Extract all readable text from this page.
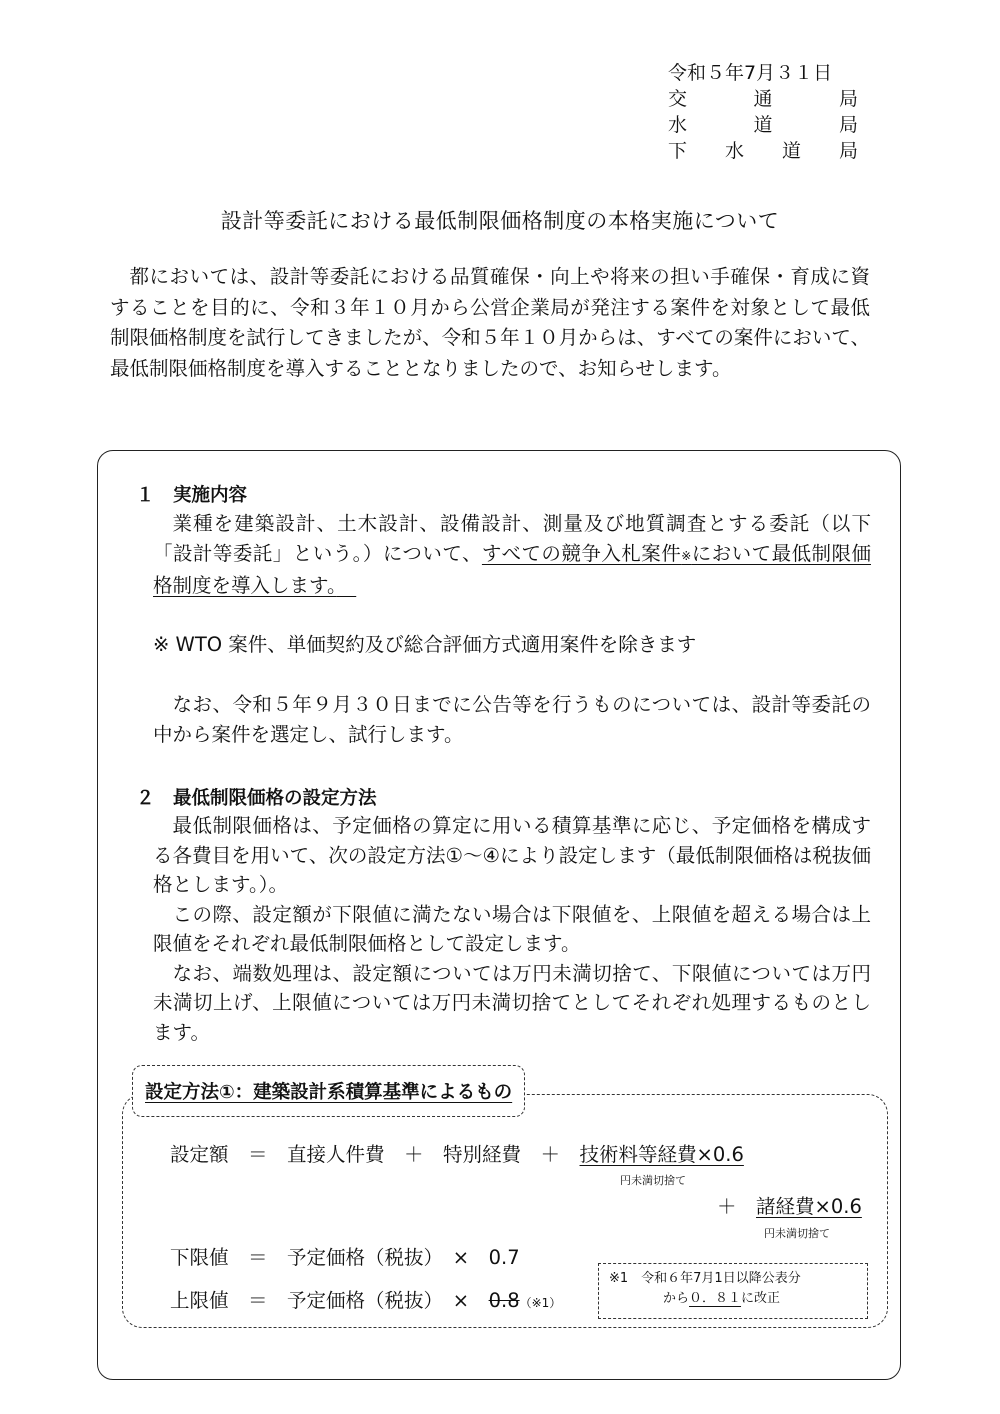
令和５年7月３１日
交	通	局
水	道	局
下 水 道 局
設計等委託における最低制限価格制度の本格実施について

都においては、設計等委託における品質確保・向上や将来の担い手確保・育成に資することを目的に、令和３年１０月から公営企業局が発注する案件を対象として最低制限価格制度を試行してきましたが、令和５年１０月からは、すべての案件において、最低制限価格制度を導入することとなりましたので、お知らせします。

１　実施内容

業種を建築設計、土木設計、設備設計、測量及び地質調査とする委託（以下「設計等委託」という。）について、すべての競争入札案件※において最低制限価格制度を導入します。　

※ WTO 案件、単価契約及び総合評価方式適用案件を除きます

なお、令和５年９月３０日までに公告等を行うものについては、設計等委託の中から案件を選定し、試行します。

２　最低制限価格の設定方法

最低制限価格は、予定価格の算定に用いる積算基準に応じ、予定価格を構成する各費目を用いて、次の設定方法①～④により設定します（最低制限価格は税抜価格とします。）。

この際、設定額が下限値に満たない場合は下限値を、上限値を超える場合は上限値をそれぞれ最低制限価格として設定します。

なお、端数処理は、設定額については万円未満切捨て、下限値については万円未満切上げ、上限値については万円未満切捨てとしてそれぞれ処理するものとします。

設定方法①：建築設計系積算基準によるもの
設定額　＝　直接人件費　＋　特別経費　＋　技術料等経費×0.6
円未満切捨て
＋　諸経費×0.6
円未満切捨て
下限値　＝　予定価格（税抜）　×　0.7
上限値　＝　予定価格（税抜）　×　0.8（※1）
※1　令和６年7月1日以降公表分
から０．８１に改正
